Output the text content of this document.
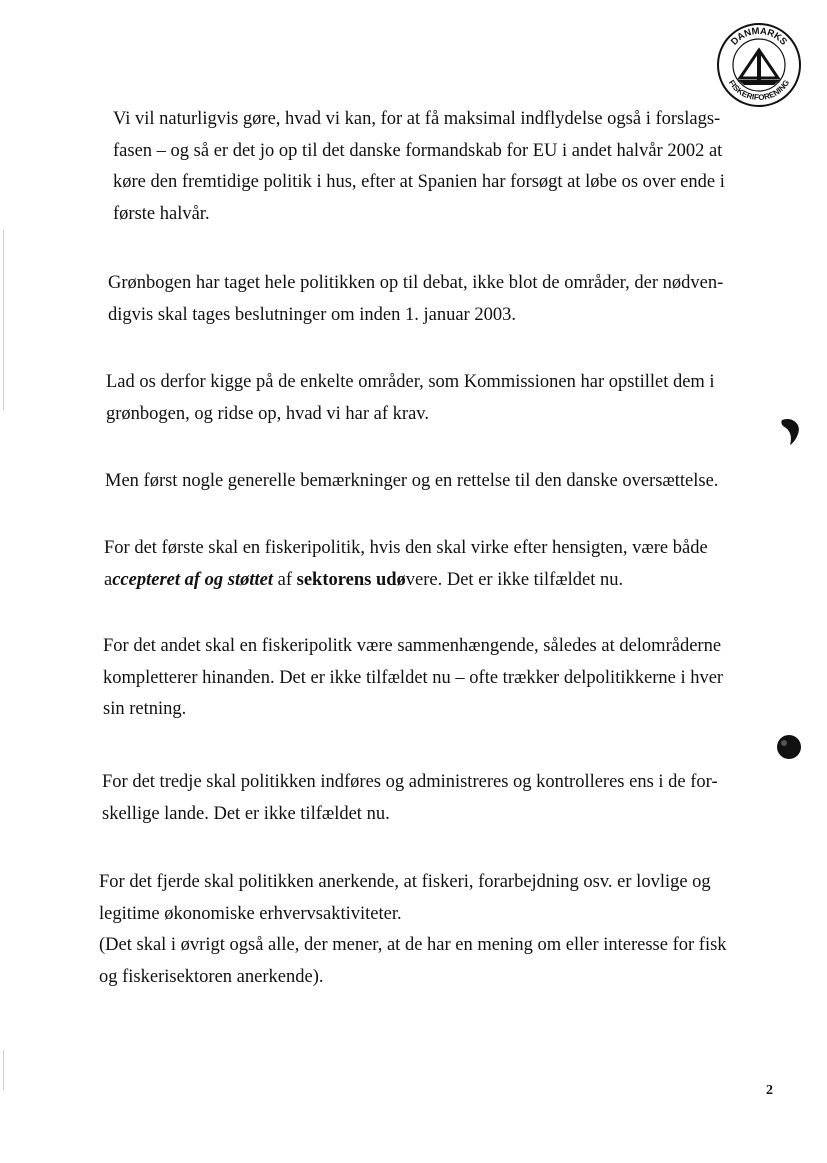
DANMARKS
FISKERIFORENING
Vi vil naturligvis gøre, hvad vi kan, for at få maksimal indflydelse også i forslags-
fasen – og så er det jo op til det danske formandskab for EU i andet halvår 2002 at
køre den fremtidige politik i hus, efter at Spanien har forsøgt at løbe os over ende i
første halvår.
Grønbogen har taget hele politikken op til debat, ikke blot de områder, der nødven-
digvis skal tages beslutninger om inden 1. januar 2003.
Lad os derfor kigge på de enkelte områder, som Kommissionen har opstillet dem i
grønbogen, og ridse op, hvad vi har af krav.
Men først nogle generelle bemærkninger og en rettelse til den danske oversættelse.
For det første skal en fiskeripolitik, hvis den skal virke efter hensigten, være både
accepteret af og støttet af sektorens udøvere. Det er ikke tilfældet nu.
For det andet skal en fiskeripolitk være sammenhængende, således at delområderne
kompletterer hinanden. Det er ikke tilfældet nu – ofte trækker delpolitikkerne i hver
sin retning.
For det tredje skal politikken indføres og administreres og kontrolleres ens i de for-
skellige lande. Det er ikke tilfældet nu.
For det fjerde skal politikken anerkende, at fiskeri, forarbejdning osv. er lovlige og
legitime økonomiske erhvervsaktiviteter.
(Det skal i øvrigt også alle, der mener, at de har en mening om eller interesse for fisk
og fiskerisektoren anerkende).
2
